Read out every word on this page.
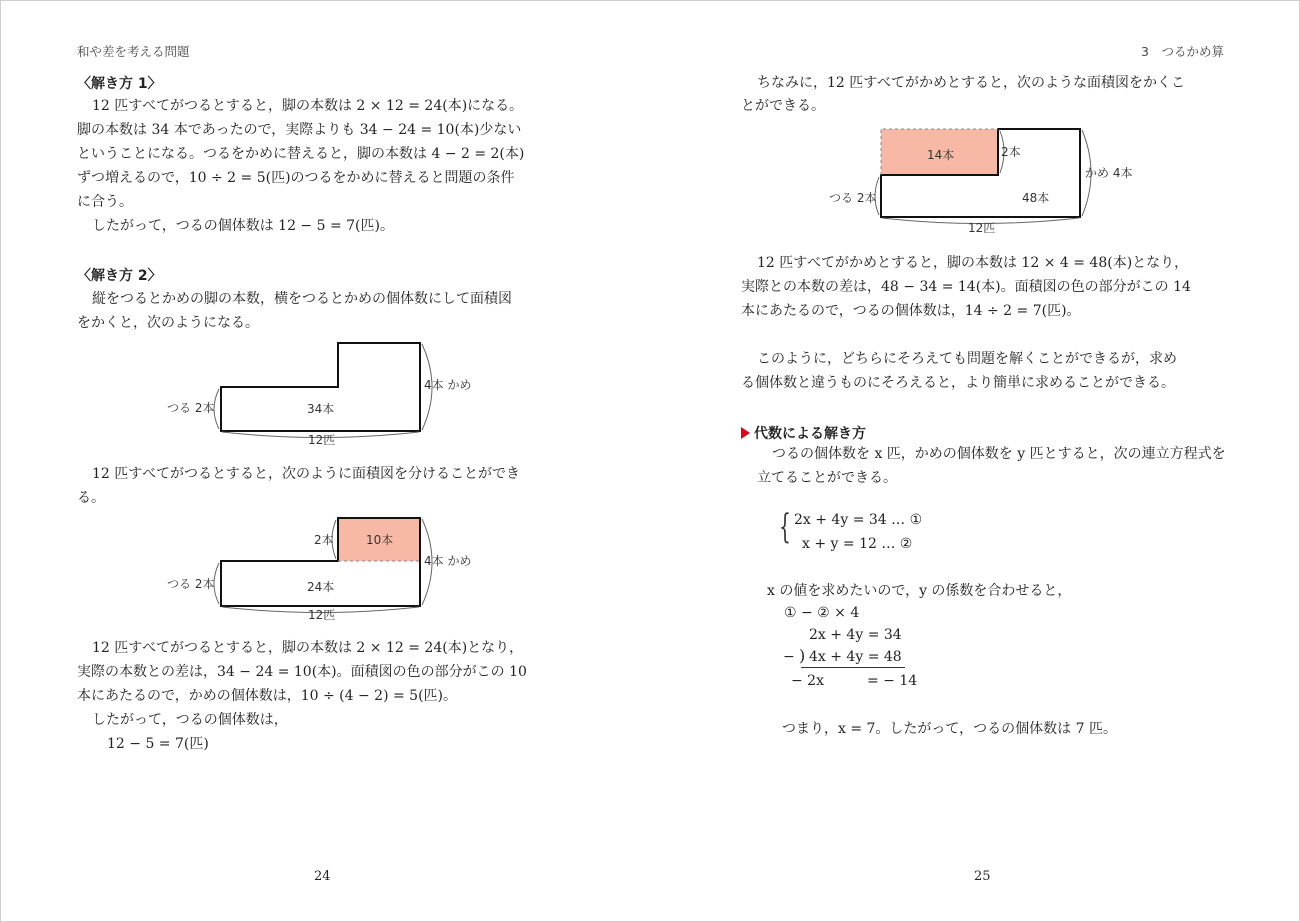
和や差を考える問題
〈解き方 1〉
12 匹すべてがつるとすると，脚の本数は 2 × 12 = 24(本)になる。
脚の本数は 34 本であったので，実際よりも 34 − 24 = 10(本)少ない
ということになる。つるをかめに替えると，脚の本数は 4 − 2 = 2(本)
ずつ増えるので，10 ÷ 2 = 5(匹)のつるをかめに替えると問題の条件
に合う。
したがって，つるの個体数は 12 − 5 = 7(匹)。
〈解き方 2〉
縦をつるとかめの脚の本数，横をつるとかめの個体数にして面積図
をかくと，次のようになる。
つる 2本	34本
4本 かめ
12匹
12 匹すべてがつるとすると，次のように面積図を分けることができ
る。
2本	10本
4本 かめ
つる 2本	24本
12匹
12 匹すべてがつるとすると，脚の本数は 2 × 12 = 24(本)となり，
実際の本数との差は，34 − 24 = 10(本)。面積図の色の部分がこの 10
本にあたるので，かめの個体数は，10 ÷ (4 − 2) = 5(匹)。
したがって，つるの個体数は，
12 − 5 = 7(匹)
24
3　つるかめ算
ちなみに，12 匹すべてがかめとすると，次のような面積図をかくこ
とができる。
14本	2本
かめ 4本
つる 2本	48本
12匹
12 匹すべてがかめとすると，脚の本数は 12 × 4 = 48(本)となり，
実際との本数の差は，48 − 34 = 14(本)。面積図の色の部分がこの 14
本にあたるので，つるの個体数は，14 ÷ 2 = 7(匹)。
このように，どちらにそろえても問題を解くことができるが，求め
る個体数と違うものにそろえると，より簡単に求めることができる。
代数による解き方
つるの個体数を x 匹，かめの個体数を y 匹とすると，次の連立方程式を
立てることができる。
{ 2x + 4y = 34 … ①
x + y = 12 … ②
x の値を求めたいので，y の係数を合わせると，
① − ② × 4
2x + 4y = 34
− ) 4x + 4y = 48
− 2x	= − 14
つまり，x = 7。したがって，つるの個体数は 7 匹。
25
